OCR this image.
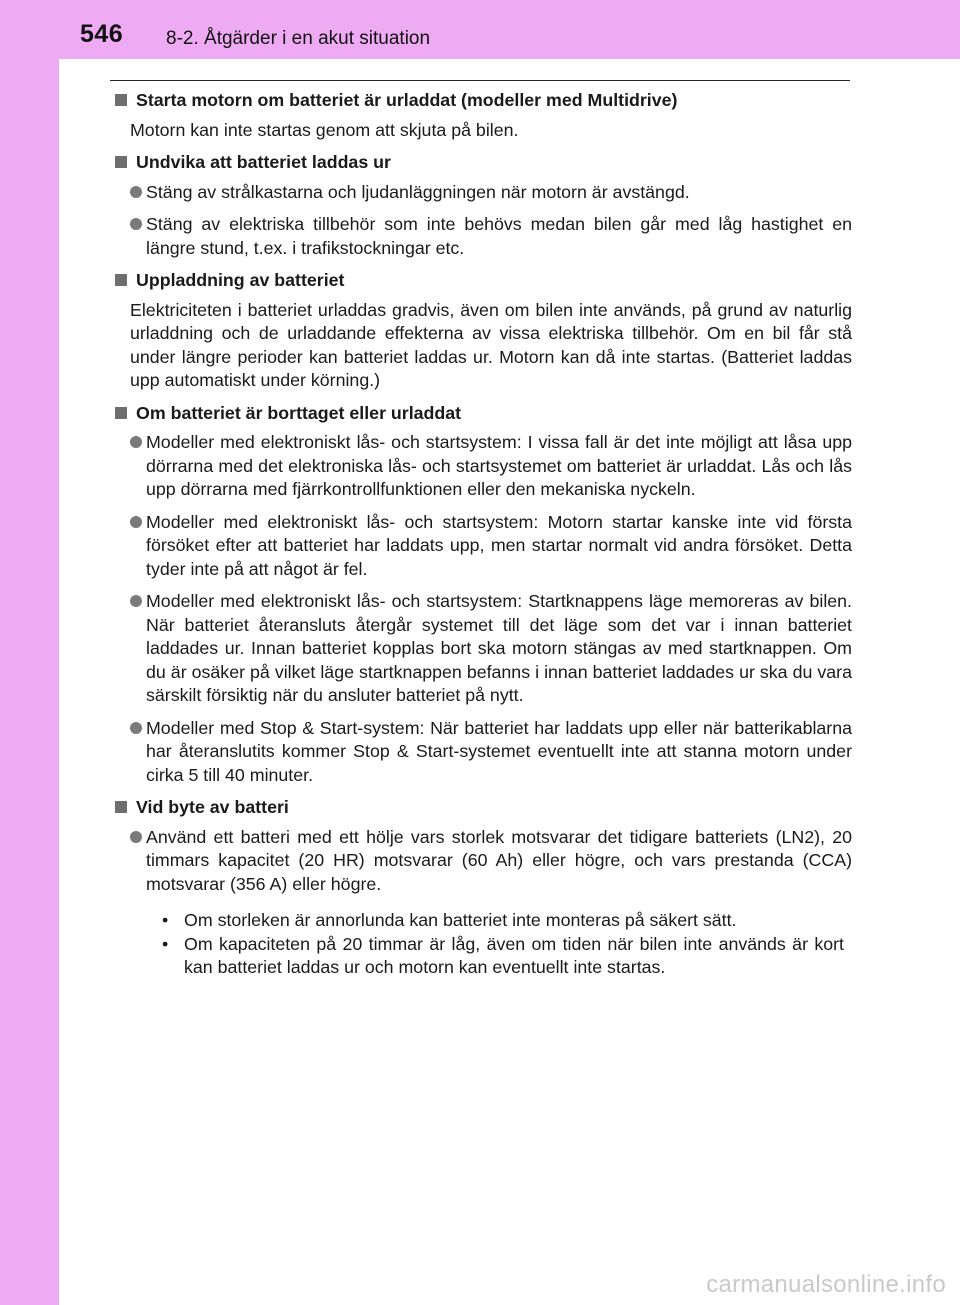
546 8-2. Åtgärder i en akut situation
Starta motorn om batteriet är urladdat (modeller med Multidrive)

Motorn kan inte startas genom att skjuta på bilen.

Undvika att batteriet laddas ur
Stäng av strålkastarna och ljudanläggningen när motorn är avstängd.
Stäng av elektriska tillbehör som inte behövs medan bilen går med låg hastighet en längre stund, t.ex. i trafikstockningar etc.
Uppladdning av batteriet

Elektriciteten i batteriet urladdas gradvis, även om bilen inte används, på grund av naturlig urladdning och de urladdande effekterna av vissa elektriska tillbehör. Om en bil får stå under längre perioder kan batteriet laddas ur. Motorn kan då inte startas. (Batteriet laddas upp automatiskt under körning.)

Om batteriet är borttaget eller urladdat
Modeller med elektroniskt lås- och startsystem: I vissa fall är det inte möjligt att låsa upp dörrarna med det elektroniska lås- och startsystemet om batteriet är urladdat. Lås och lås upp dörrarna med fjärrkontrollfunktionen eller den mekaniska nyckeln.
Modeller med elektroniskt lås- och startsystem: Motorn startar kanske inte vid första försöket efter att batteriet har laddats upp, men startar normalt vid andra försöket. Detta tyder inte på att något är fel.
Modeller med elektroniskt lås- och startsystem: Startknappens läge memoreras av bilen. När batteriet återansluts återgår systemet till det läge som det var i innan batteriet laddades ur. Innan batteriet kopplas bort ska motorn stängas av med startknappen. Om du är osäker på vilket läge startknappen befanns i innan batteriet laddades ur ska du vara särskilt försiktig när du ansluter batteriet på nytt.
Modeller med Stop & Start-system: När batteriet har laddats upp eller när batterikablarna har återanslutits kommer Stop & Start-systemet eventuellt inte att stanna motorn under cirka 5 till 40 minuter.
Vid byte av batteri
Använd ett batteri med ett hölje vars storlek motsvarar det tidigare batteriets (LN2), 20 timmars kapacitet (20 HR) motsvarar (60 Ah) eller högre, och vars prestanda (CCA) motsvarar (356 A) eller högre.
• Om storleken är annorlunda kan batteriet inte monteras på säkert sätt.
• Om kapaciteten på 20 timmar är låg, även om tiden när bilen inte används är kort kan batteriet laddas ur och motorn kan eventuellt inte startas.
carmanualsonline.info
